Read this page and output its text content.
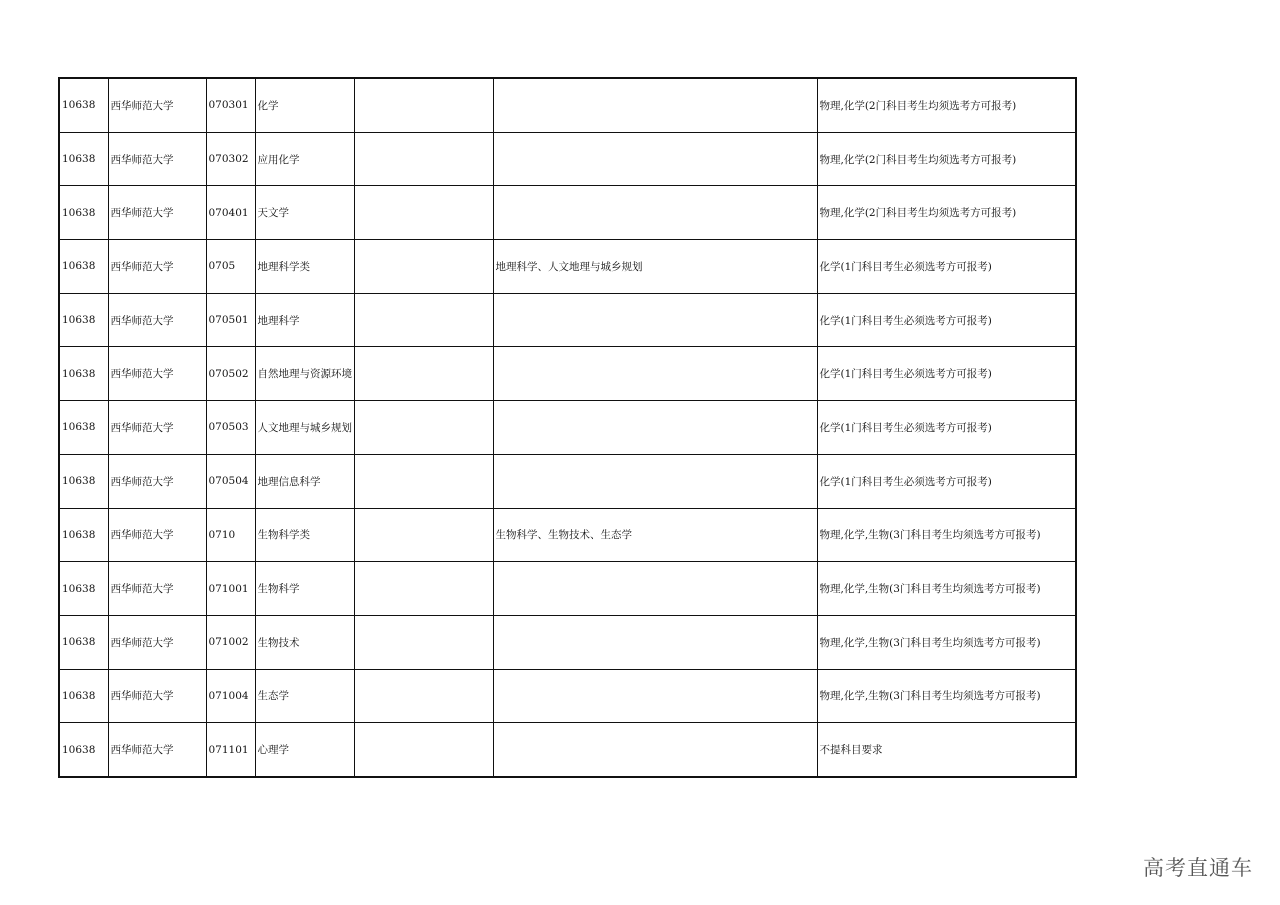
10638	西华师范大学	070301	化学			物理,化学(2门科目考生均须选考方可报考)
10638	西华师范大学	070302	应用化学			物理,化学(2门科目考生均须选考方可报考)
10638	西华师范大学	070401	天文学			物理,化学(2门科目考生均须选考方可报考)
10638	西华师范大学	0705	地理科学类		地理科学、人文地理与城乡规划	化学(1门科目考生必须选考方可报考)
10638	西华师范大学	070501	地理科学			化学(1门科目考生必须选考方可报考)
10638	西华师范大学	070502	自然地理与资源环境			化学(1门科目考生必须选考方可报考)
10638	西华师范大学	070503	人文地理与城乡规划			化学(1门科目考生必须选考方可报考)
10638	西华师范大学	070504	地理信息科学			化学(1门科目考生必须选考方可报考)
10638	西华师范大学	0710	生物科学类		生物科学、生物技术、生态学	物理,化学,生物(3门科目考生均须选考方可报考)
10638	西华师范大学	071001	生物科学			物理,化学,生物(3门科目考生均须选考方可报考)
10638	西华师范大学	071002	生物技术			物理,化学,生物(3门科目考生均须选考方可报考)
10638	西华师范大学	071004	生态学			物理,化学,生物(3门科目考生均须选考方可报考)
10638	西华师范大学	071101	心理学			不提科目要求
高考直通车
